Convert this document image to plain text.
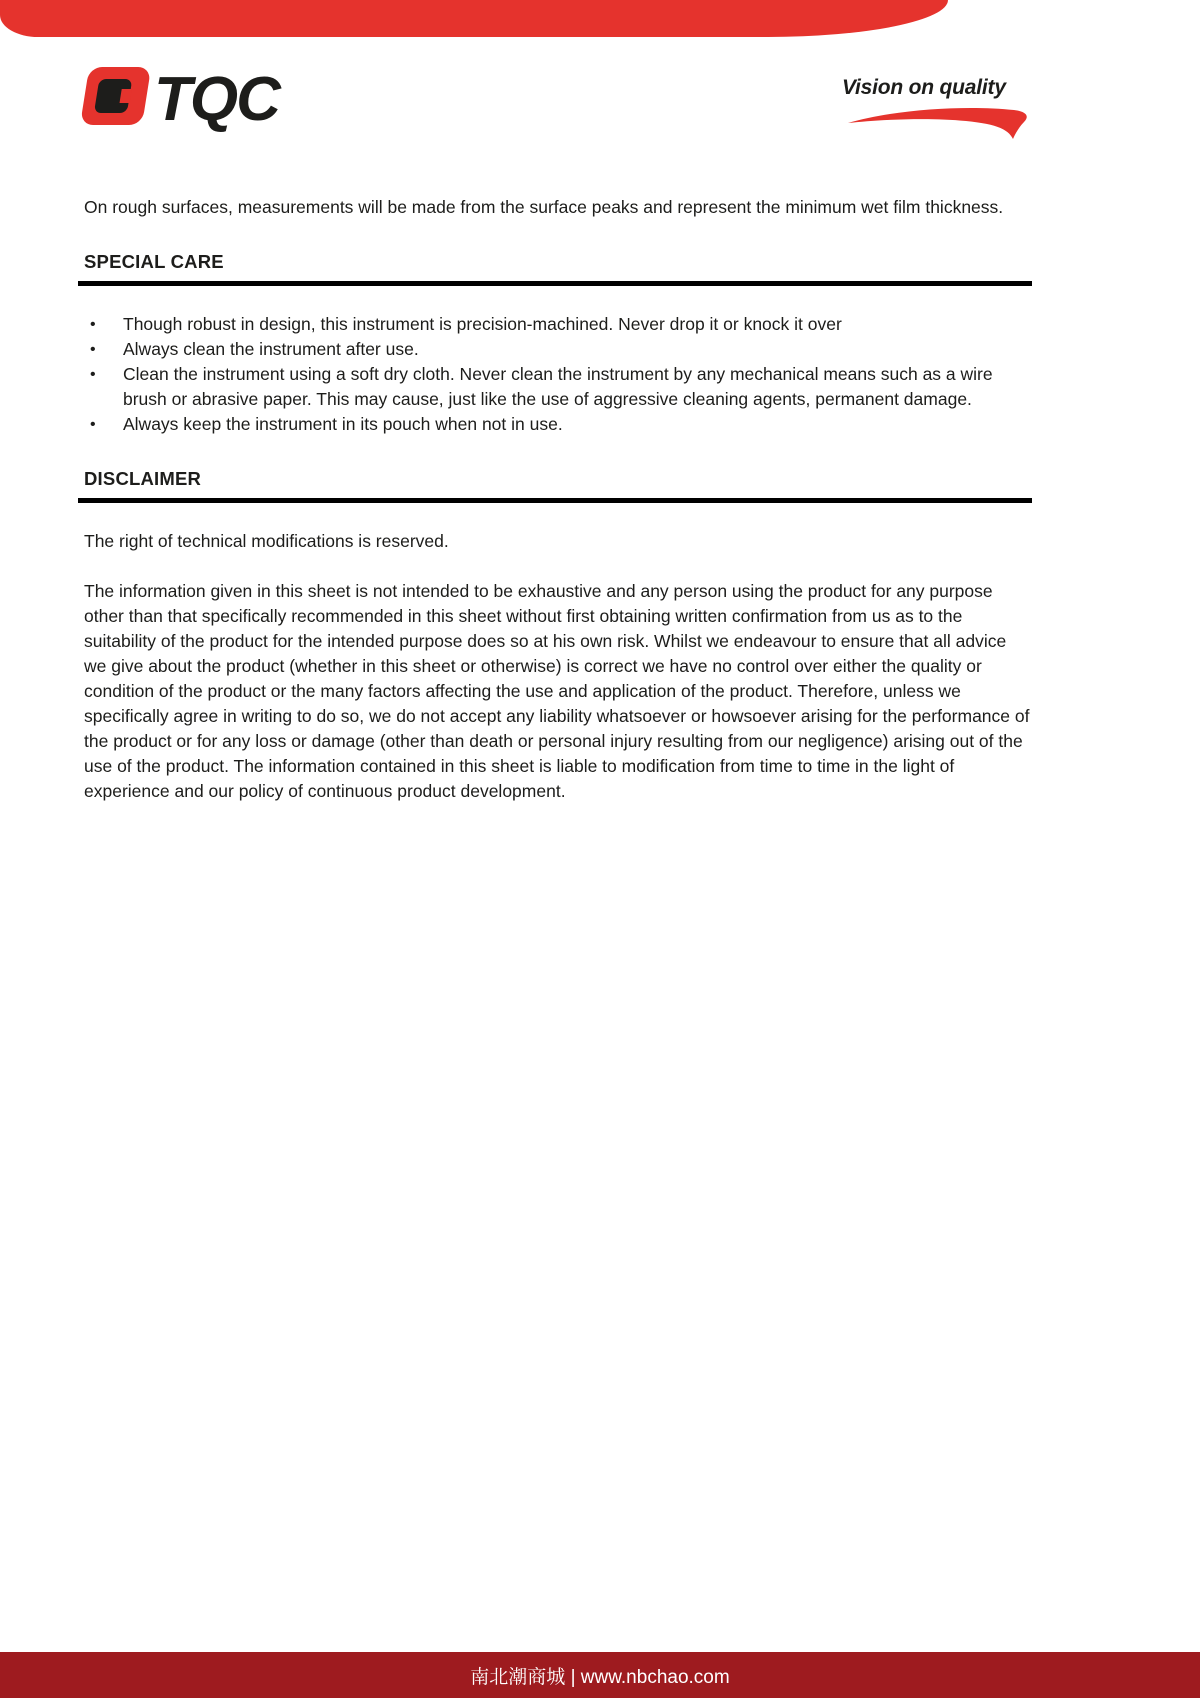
TQC	Vision on quality

On rough surfaces, measurements will be made from the surface peaks and represent the minimum wet film thickness.

SPECIAL CARE
• Though robust in design, this instrument is precision-machined. Never drop it or knock it over
• Always clean the instrument after use.
• Clean the instrument using a soft dry cloth. Never clean the instrument by any mechanical means such as a wire brush or abrasive paper. This may cause, just like the use of aggressive cleaning agents, permanent damage.
• Always keep the instrument in its pouch when not in use.
DISCLAIMER

The right of technical modifications is reserved.

The information given in this sheet is not intended to be exhaustive and any person using the product for any purpose other than that specifically recommended in this sheet without first obtaining written confirmation from us as to the suitability of the product for the intended purpose does so at his own risk. Whilst we endeavour to ensure that all advice we give about the product (whether in this sheet or otherwise) is correct we have no control over either the quality or condition of the product or the many factors affecting the use and application of the product. Therefore, unless we specifically agree in writing to do so, we do not accept any liability whatsoever or howsoever arising for the performance of the product or for any loss or damage (other than death or personal injury resulting from our negligence) arising out of the use of the product. The information contained in this sheet is liable to modification from time to time in the light of experience and our policy of continuous product development.

南北潮商城 | www.nbchao.com
